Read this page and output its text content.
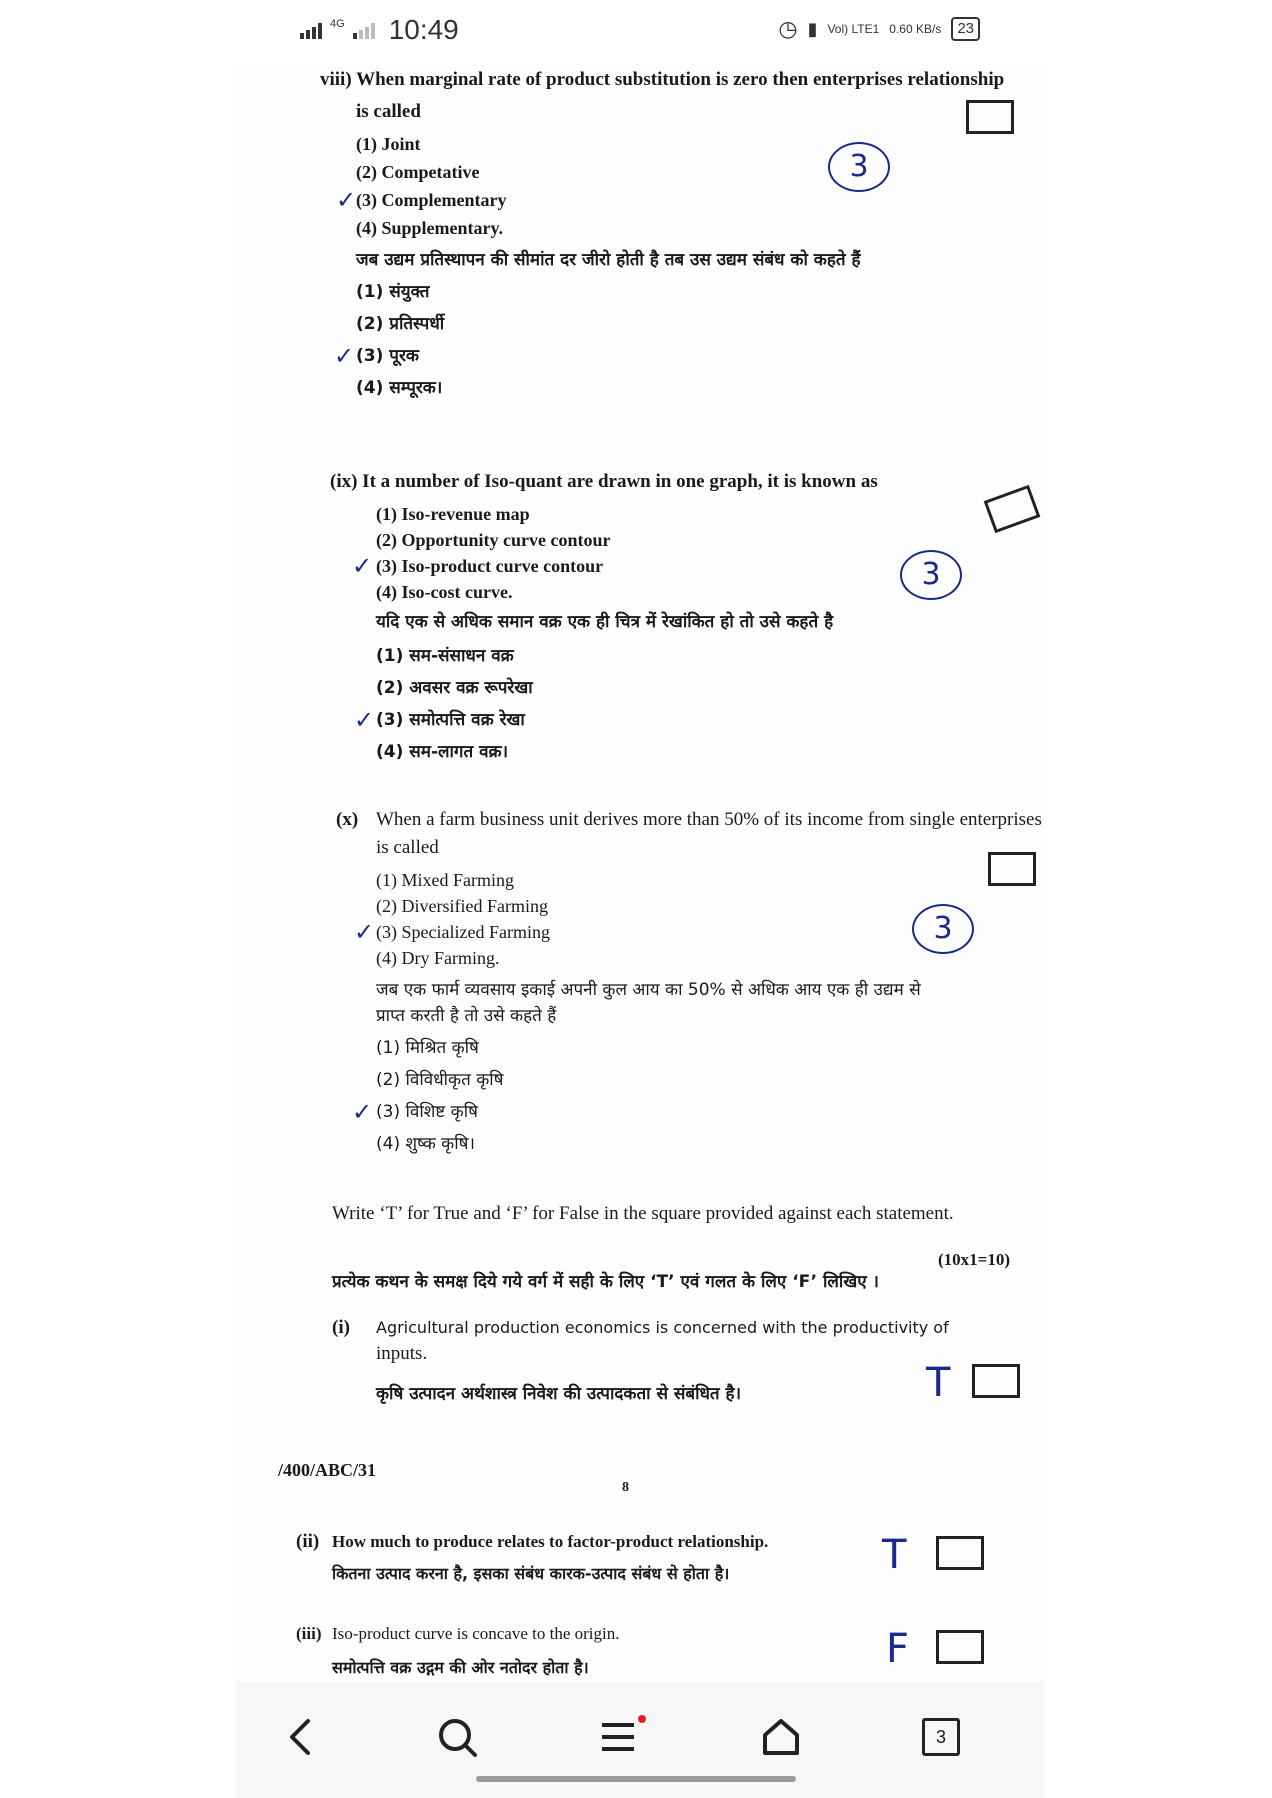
4G 10:49	◷ ▮ Vol) LTE1 0.60 KB/s	23
viii) When marginal rate of product substitution is zero then enterprises relationship
is called
(1) Joint
(2) Competative
(3) Complementary
(4) Supplementary.
✓
3
जब उद्यम प्रतिस्थापन की सीमांत दर जीरो होती है तब उस उद्यम संबंध को कहते हैं
(1) संयुक्त
(2) प्रतिस्पर्धी
(3) पूरक
(4) सम्पूरक।
✓
(ix) It a number of Iso-quant are drawn in one graph, it is known as
(1) Iso-revenue map
(2) Opportunity curve contour
(3) Iso-product curve contour
(4) Iso-cost curve.
✓	3
यदि एक से अधिक समान वक्र एक ही चित्र में रेखांकित हो तो उसे कहते है
(1) सम-संसाधन वक्र
(2) अवसर वक्र रूपरेखा
(3) समोत्पत्ति वक्र रेखा
(4) सम-लागत वक्र।
✓
(x) When a farm business unit derives more than 50% of its income from single enterprises
is called
(1) Mixed Farming
(2) Diversified Farming
(3) Specialized Farming
(4) Dry Farming.
✓	3
जब एक फार्म व्यवसाय इकाई अपनी कुल आय का 50% से अधिक आय एक ही उद्यम से
प्राप्त करती है तो उसे कहते हैं
(1) मिश्रित कृषि
(2) विविधीकृत कृषि
(3) विशिष्ट कृषि
(4) शुष्क कृषि।
✓
Write ‘T’ for True and ‘F’ for False in the square provided against each statement.
(10x1=10)
प्रत्येक कथन के समक्ष दिये गये वर्ग में सही के लिए ‘T’ एवं गलत के लिए ‘F’ लिखिए ।
(i) Agricultural production economics is concerned with the productivity of
inputs.
कृषि उत्पादन अर्थशास्त्र निवेश की उत्पादकता से संबंधित है।	T
/400/ABC/31
8
(ii) How much to produce relates to factor-product relationship.
कितना उत्पाद करना है, इसका संबंध कारक-उत्पाद संबंध से होता है।	T
(iii) Iso-product curve is concave to the origin.
समोत्पत्ति वक्र उद्गम की ओर नतोदर होता है।	F
3
